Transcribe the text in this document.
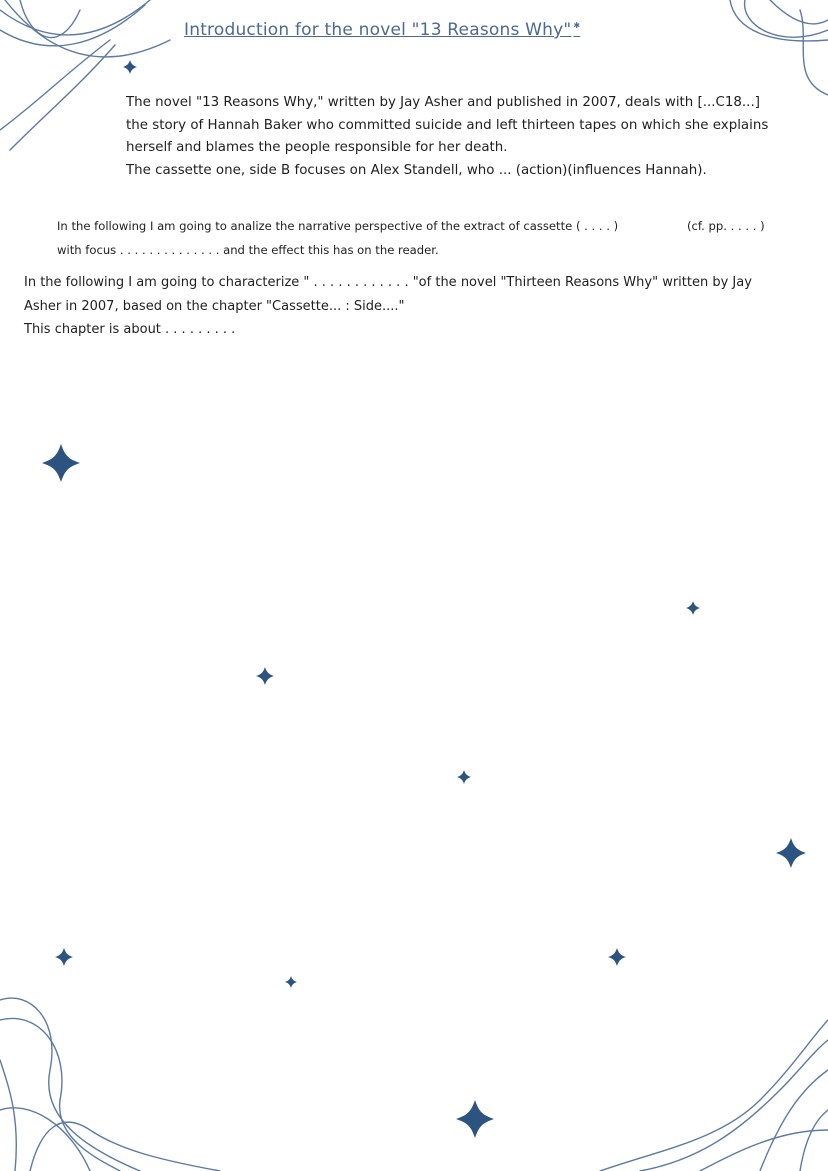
Introduction for the novel "13 Reasons Why" ✱

The novel "13 Reasons Why," written by Jay Asher and published in 2007, deals with [...C18...]

the story of Hannah Baker who committed suicide and left thirteen tapes on which she explains

herself and blames the people responsible for her death.

The cassette one, side B focuses on Alex Standell, who ... (action)(influences Hannah).

In the following I am going to analize the narrative perspective of the extract of cassette ( . . . . )	(cf. pp. . . . . )

with focus . . . . . . . . . . . . . . and the effect this has on the reader.

In the following I am going to characterize " . . . . . . . . . . . . "of the novel "Thirteen Reasons Why" written by Jay

Asher in 2007, based on the chapter "Cassette... : Side...."

This chapter is about . . . . . . . . .
